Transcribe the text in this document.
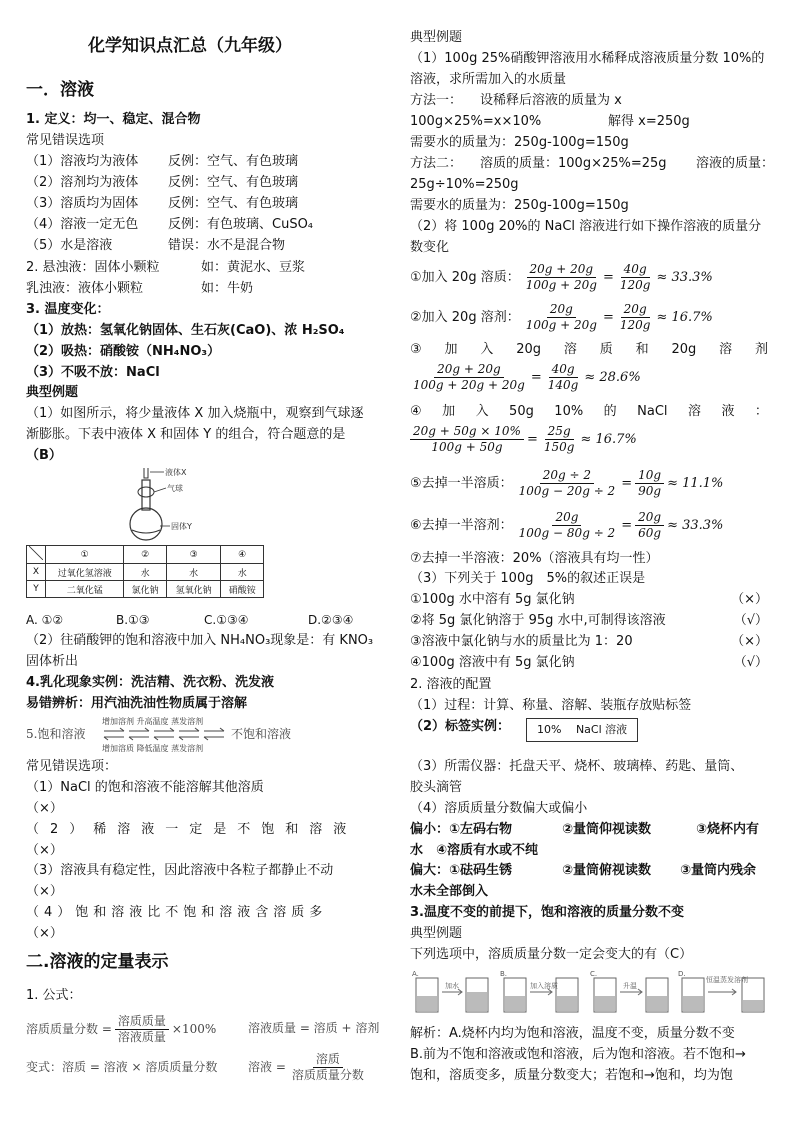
化学知识点汇总（九年级）
一．溶液
1. 定义：均一、稳定、混合物
常见错误选项
（1）溶液均为液体 反例：空气、有色玻璃
（2）溶剂均为液体 反例：空气、有色玻璃
（3）溶质均为固体 反例：空气、有色玻璃
（4）溶液一定无色 反例：有色玻璃、CuSO₄
（5）水是溶液	错误：水不是混合物
2. 悬浊液：固体小颗粒	如：黄泥水、豆浆
乳浊液：液体小颗粒	如：牛奶
3. 温度变化：
（1）放热：氢氧化钠固体、生石灰(CaO)、浓 H₂SO₄
（2）吸热：硝酸铵（NH₄NO₃）
（3）不吸不放：NaCl
典型例题
（1）如图所示，将少量液体 X 加入烧瓶中，观察到气球逐
渐膨胀。下表中液体 X 和固体 Y 的组合，符合题意的是
（B）
液体X
气球
固体Y
	①	②	③	④
X	过氧化氢溶液	水	水	水
Y	二氧化锰	氯化钠	氢氧化钠	硝酸铵
A. ①②	B.①③	C.①③④	D.②③④
（2）往硝酸钾的饱和溶液中加入 NH₄NO₃现象是：有 KNO₃
固体析出
4.乳化现象实例：洗洁精、洗衣粉、洗发液
易错辨析：用汽油洗油性物质属于溶解
5.饱和溶液	不饱和溶液
增加溶剂 升高温度 蒸发溶剂
增加溶质 降低温度 蒸发溶剂
常见错误选项：
（1）NaCl 的饱和溶液不能溶解其他溶质
（×）
（2）稀溶液一定是不饱和溶液
（×）
（3）溶液具有稳定性，因此溶液中各粒子都静止不动
（×）
（4）饱和溶液比不饱和溶液含溶质多
（×）
二.溶液的定量表示
1. 公式：
溶质质量分数 = $\frac{\text{溶质质量}}{\text{溶液质量}} \times 100\%$	溶液质量 = 溶质 + 溶剂
变式：溶质 = 溶液 × 溶质质量分数	溶液 = $\frac{\text{溶质}}{\text{溶质质量分数}}$
典型例题
（1）100g 25%硝酸钾溶液用水稀释成溶液质量分数 10%的
溶液，求所需加入的水质量
方法一： 设稀释后溶液的质量为 x
100g×25%=x×10%	解得 x=250g
需要水的质量为：250g-100g=150g
方法二： 溶质的质量：100g×25%=25g 溶液的质量：
25g÷10%=250g
需要水的质量为：250g-100g=150g
（2）将 100g 20%的 NaCl 溶液进行如下操作溶液的质量分
数变化
①加入 20g 溶质： $\frac{20g + 20g}{100g + 20g} = \frac{40g}{120g} \approx 33.3\%$
②加入 20g 溶剂： $\frac{20g}{100g + 20g} = \frac{20g}{120g} \approx 16.7\%$
③ 加 入 20g 溶 质 和 20g 溶 剂
$\frac{20g + 20g}{100g + 20g + 20g} = \frac{40g}{140g} \approx 28.6\%$
④ 加 入 50g 10% 的 NaCl 溶 液 ：
$\frac{20g + 50g \times 10\%}{100g + 50g} = \frac{25g}{150g} \approx 16.7\%$
⑤去掉一半溶质： $\frac{20g \div 2}{100g - 20g \div 2} = \frac{10g}{90g} \approx 11.1\%$
⑥去掉一半溶剂： $\frac{20g}{100g - 80g \div 2} = \frac{20g}{60g} \approx 33.3\%$
⑦去掉一半溶液：20%（溶液具有均一性）
（3）下列关于 100g　5%的叙述正误是
①100g 水中溶有 5g 氯化钠	（×）
②将 5g 氯化钠溶于 95g 水中,可制得该溶液	（√）
③溶液中氯化钠与水的质量比为 1：20	（×）
④100g 溶液中有 5g 氯化钠	（√）
2. 溶液的配置
（1）过程：计算、称量、溶解、装瓶存放贴标签
（2）标签实例：	10%　 NaCl 溶液
（3）所需仪器：托盘天平、烧杯、玻璃棒、药匙、量筒、
胶头滴管
（4）溶质质量分数偏大或偏小
偏小：①左码右物	②量筒仰视读数	③烧杯内有
水　④溶质有水或不纯
偏大：①砝码生锈	②量筒俯视读数 ③量筒内残余
水未全部倒入
3.温度不变的前提下，饱和溶液的质量分数不变
典型例题
下列选项中，溶质质量分数一定会变大的有（C）
A.
加水
B.
加入溶质
C.
升温
D.
恒温蒸发溶剂
解析：A.烧杯内均为饱和溶液，温度不变，质量分数不变
B.前为不饱和溶液或饱和溶液，后为饱和溶液。若不饱和→
饱和，溶质变多，质量分数变大；若饱和→饱和，均为饱
